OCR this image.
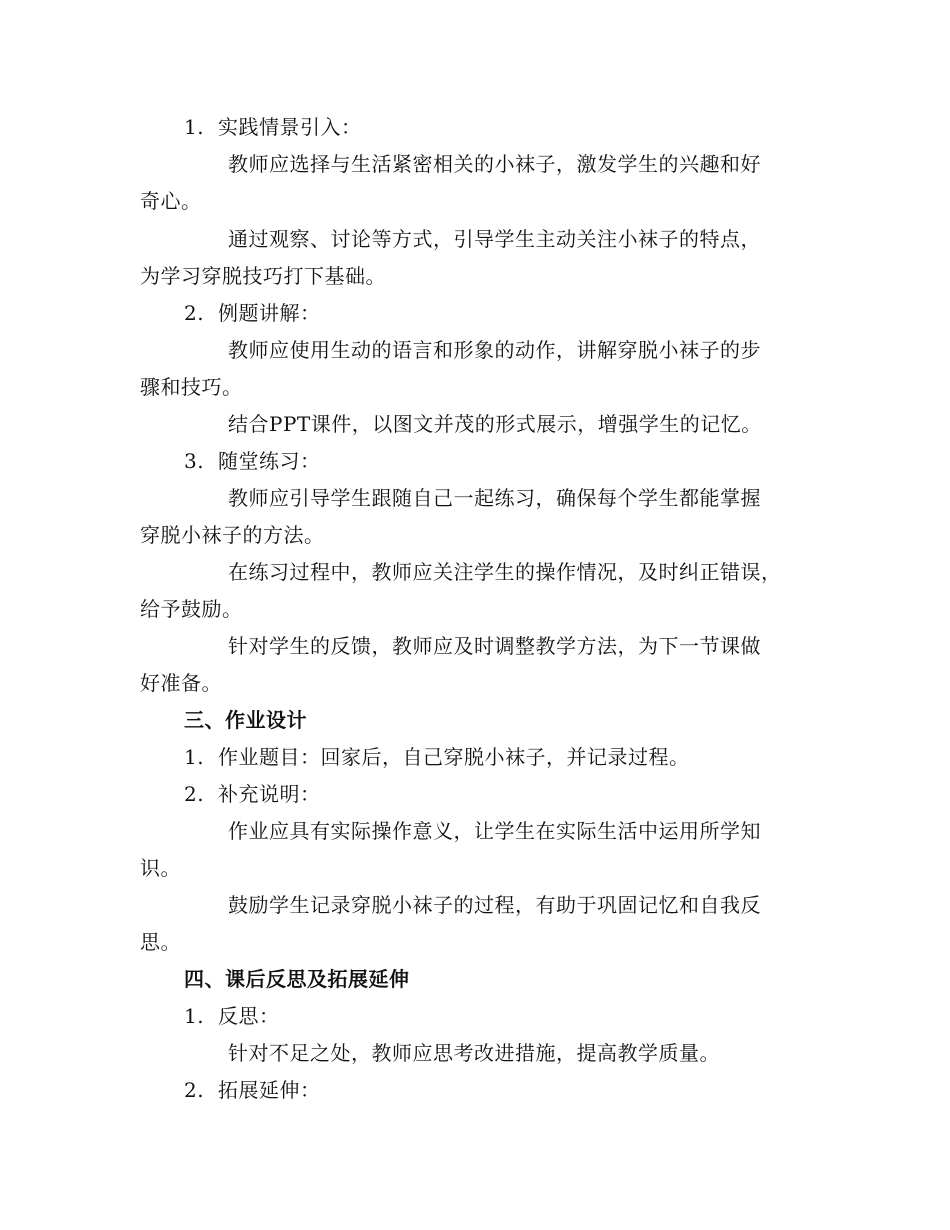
1. 实践情景引入：
教师应选择与生活紧密相关的小袜子，激发学生的兴趣和好
奇心。
通过观察、讨论等方式，引导学生主动关注小袜子的特点，
为学习穿脱技巧打下基础。
2. 例题讲解：
教师应使用生动的语言和形象的动作，讲解穿脱小袜子的步
骤和技巧。
结合PPT课件，以图文并茂的形式展示，增强学生的记忆。
3. 随堂练习：
教师应引导学生跟随自己一起练习，确保每个学生都能掌握
穿脱小袜子的方法。
在练习过程中，教师应关注学生的操作情况，及时纠正错误，
给予鼓励。
针对学生的反馈，教师应及时调整教学方法，为下一节课做
好准备。
三、作业设计
1. 作业题目：回家后，自己穿脱小袜子，并记录过程。
2. 补充说明：
作业应具有实际操作意义，让学生在实际生活中运用所学知
识。
鼓励学生记录穿脱小袜子的过程，有助于巩固记忆和自我反
思。
四、课后反思及拓展延伸
1. 反思：
针对不足之处，教师应思考改进措施，提高教学质量。
2. 拓展延伸：
